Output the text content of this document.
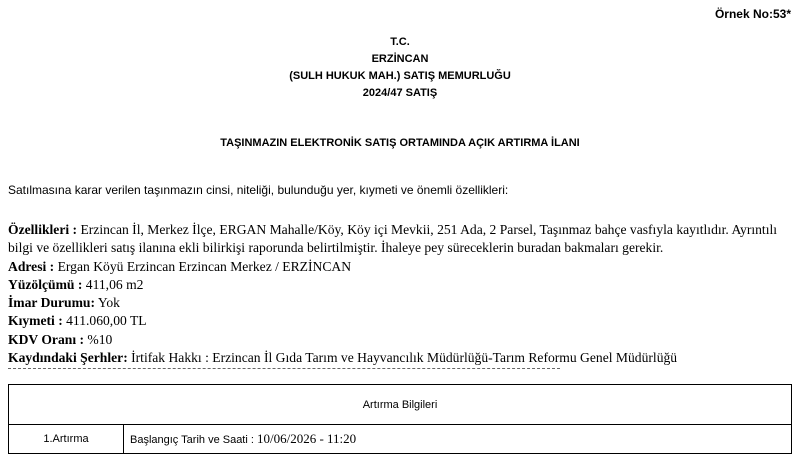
Örnek No:53*
T.C.
ERZİNCAN
(SULH HUKUK MAH.) SATIŞ MEMURLUĞU
2024/47 SATIŞ
TAŞINMAZIN ELEKTRONİK SATIŞ ORTAMINDA AÇIK ARTIRMA İLANI
Satılmasına karar verilen taşınmazın cinsi, niteliği, bulunduğu yer, kıymeti ve önemli özellikleri:

Özellikleri : Erzincan İl, Merkez İlçe, ERGAN Mahalle/Köy, Köy içi Mevkii, 251 Ada, 2 Parsel, Taşınmaz bahçe vasfıyla kayıtlıdır. Ayrıntılı bilgi ve özellikleri satış ilanına ekli bilirkişi raporunda belirtilmiştir. İhaleye pey süreceklerin buradan bakmaları gerekir.

Adresi : Ergan Köyü Erzincan Erzincan Merkez / ERZİNCAN

Yüzölçümü : 411,06 m2

İmar Durumu: Yok

Kıymeti : 411.060,00 TL

KDV Oranı : %10

Kaydındaki Şerhler: İrtifak Hakkı : Erzincan İl Gıda Tarım ve Hayvancılık Müdürlüğü-Tarım Reformu Genel Müdürlüğü

Artırma Bilgileri
1.Artırma	Başlangıç Tarih ve Saati : 10/06/2026 - 11:20
